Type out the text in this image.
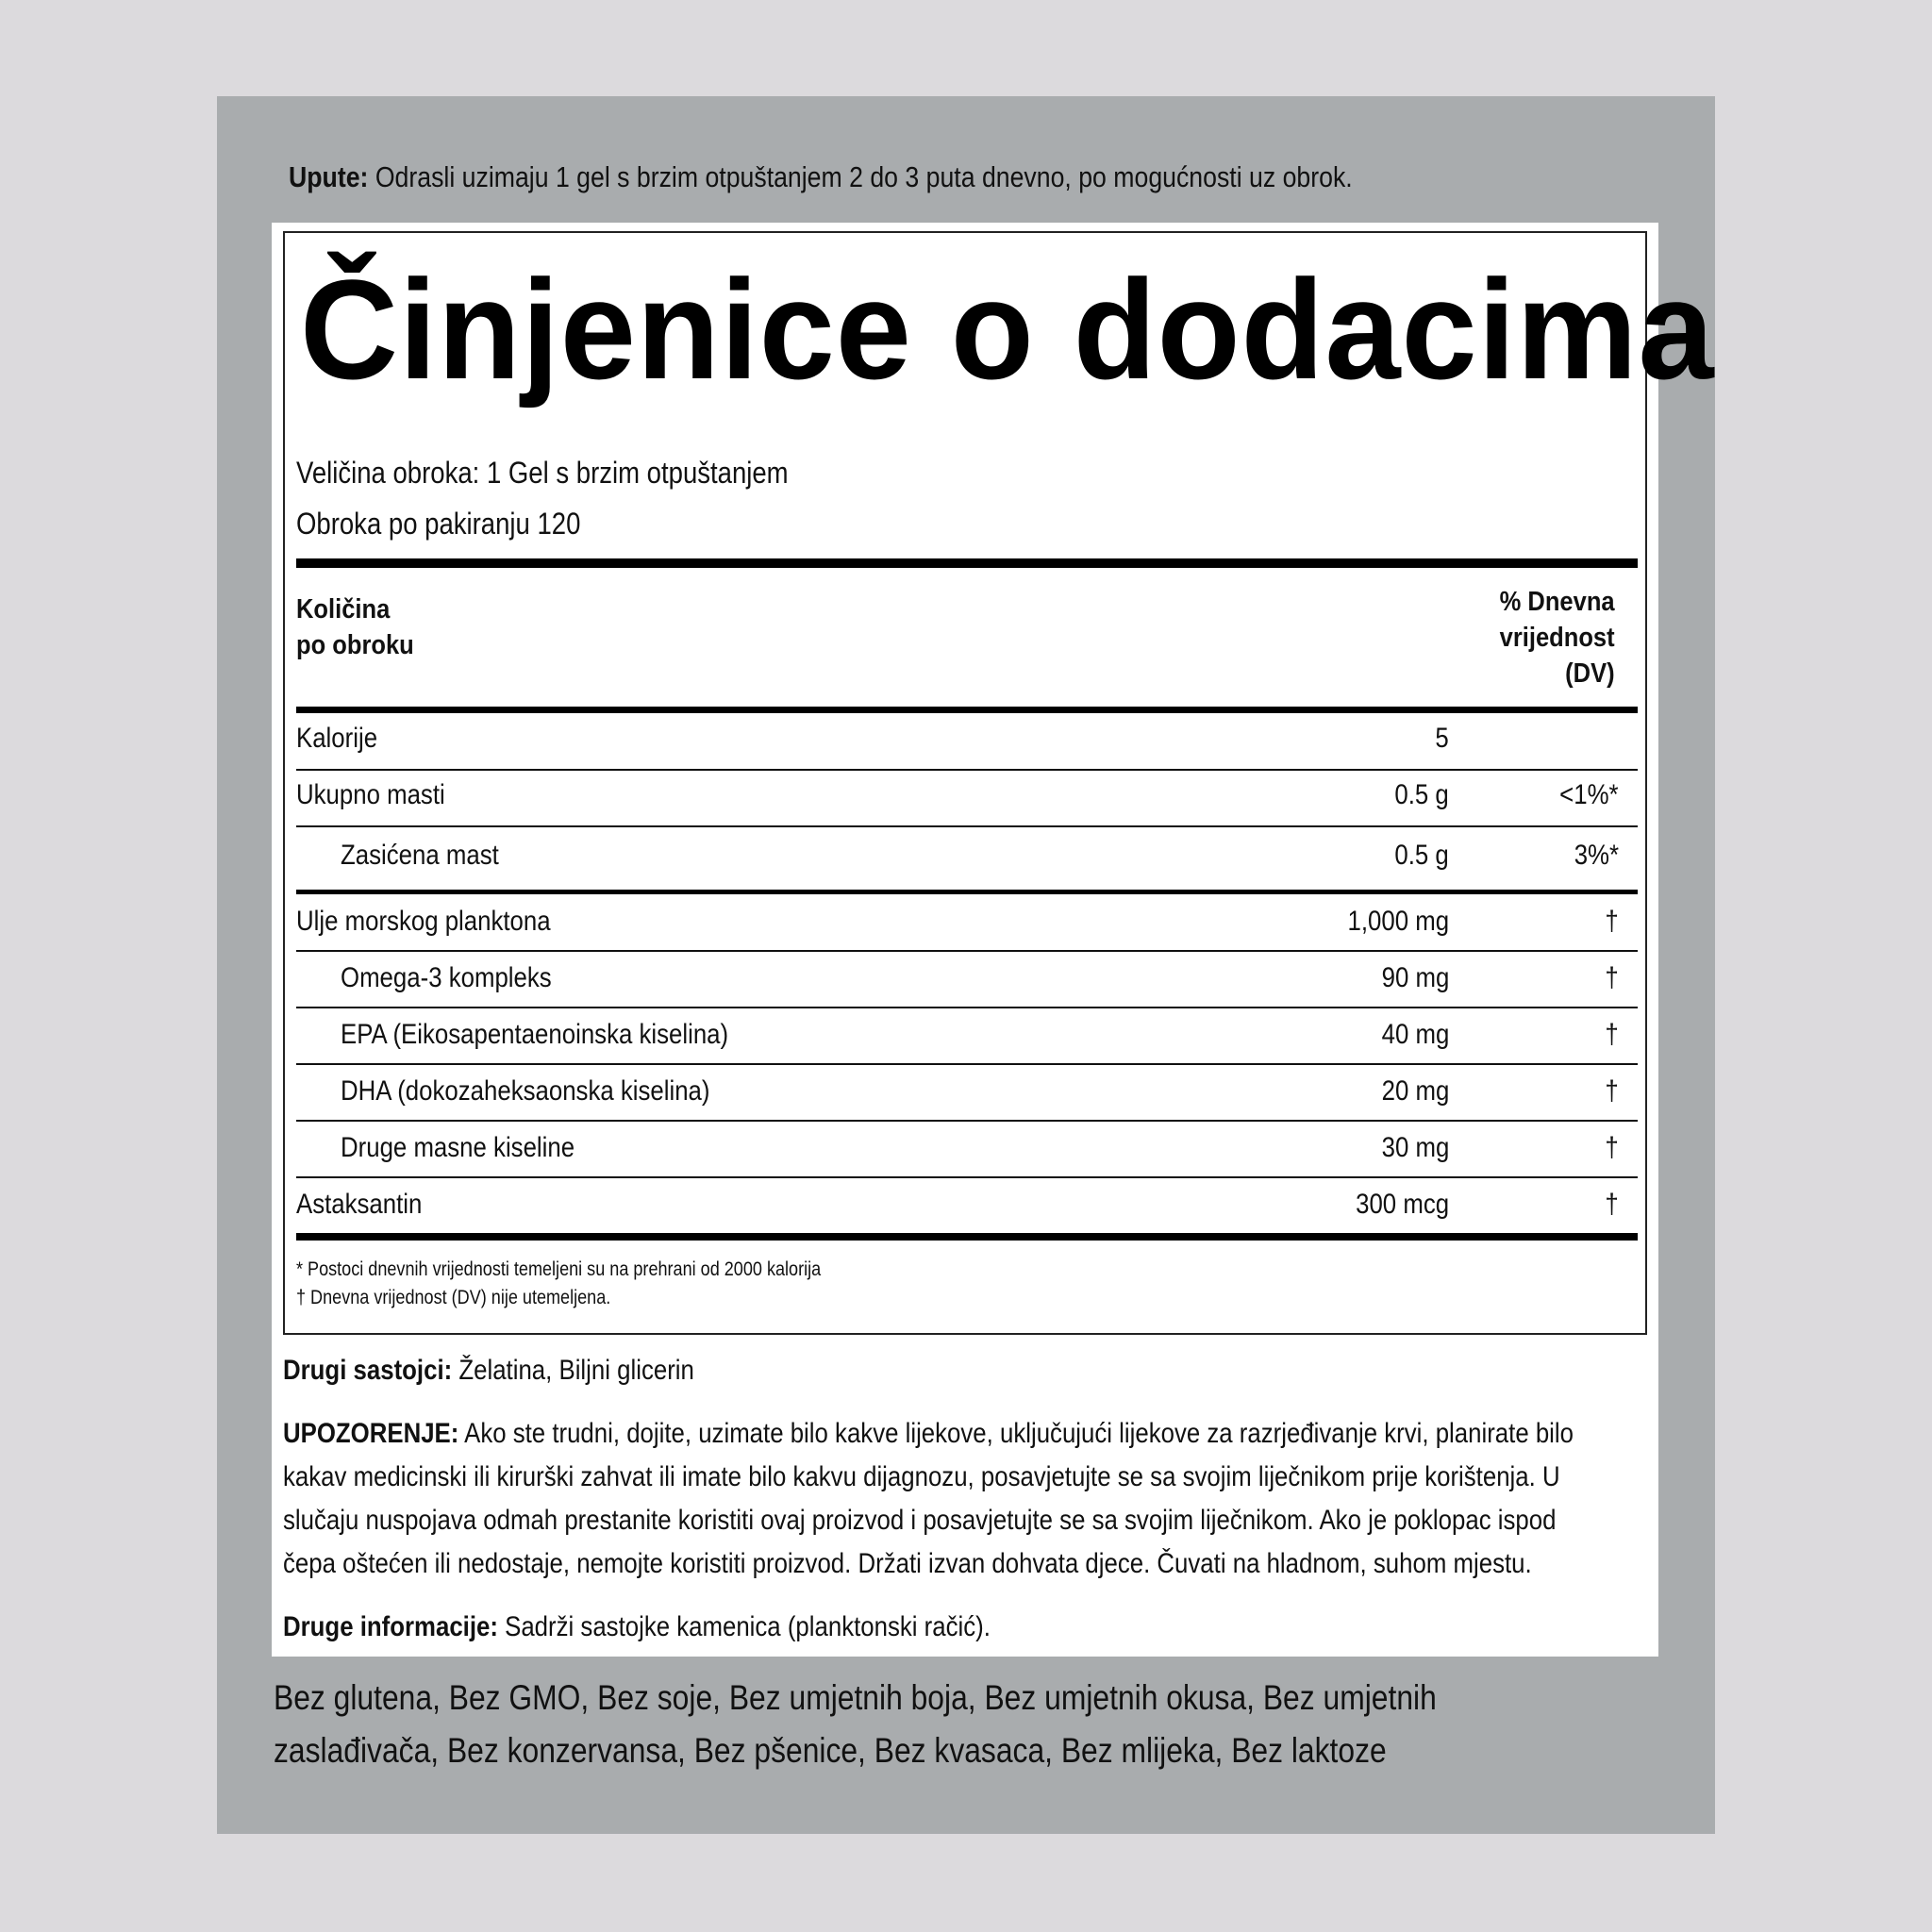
Upute: Odrasli uzimaju 1 gel s brzim otpuštanjem 2 do 3 puta dnevno, po mogućnosti uz obrok.
Činjenice o dodacima
Veličina obroka: 1 Gel s brzim otpuštanjem
Obroka po pakiranju 120
Količina
po obroku
% Dnevna
vrijednost
(DV)
Kalorije	5
Ukupno masti	0.5 g	<1%*
Zasićena mast	0.5 g	3%*
Ulje morskog planktona	1,000 mg	†
Omega-3 kompleks	90 mg	†
EPA (Eikosapentaenoinska kiselina)	40 mg	†
DHA (dokozaheksaonska kiselina)	20 mg	†
Druge masne kiseline	30 mg	†
Astaksantin	300 mcg	†
* Postoci dnevnih vrijednosti temeljeni su na prehrani od 2000 kalorija
† Dnevna vrijednost (DV) nije utemeljena.
Drugi sastojci: Želatina, Biljni glicerin
UPOZORENJE: Ako ste trudni, dojite, uzimate bilo kakve lijekove, uključujući lijekove za razrjeđivanje krvi, planirate bilo kakav medicinski ili kirurški zahvat ili imate bilo kakvu dijagnozu, posavjetujte se sa svojim liječnikom prije korištenja. U slučaju nuspojava odmah prestanite koristiti ovaj proizvod i posavjetujte se sa svojim liječnikom. Ako je poklopac ispod čepa oštećen ili nedostaje, nemojte koristiti proizvod. Držati izvan dohvata djece. Čuvati na hladnom, suhom mjestu.
Druge informacije: Sadrži sastojke kamenica (planktonski račić).
Bez glutena, Bez GMO, Bez soje, Bez umjetnih boja, Bez umjetnih okusa, Bez umjetnih zaslađivača, Bez konzervansa, Bez pšenice, Bez kvasaca, Bez mlijeka, Bez laktoze
